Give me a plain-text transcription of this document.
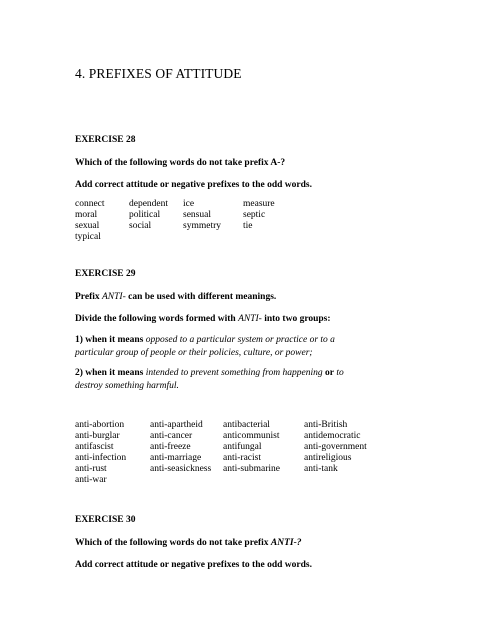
4. PREFIXES OF ATTITUDE
EXERCISE 28
Which of the following words do not take prefix A-?
Add correct attitude or negative prefixes to the odd words.
connect	dependent	ice	measure
moral	political	sensual	septic
sexual	social	symmetry	tie
typical
EXERCISE 29
Prefix ANTI- can be used with different meanings.
Divide the following words formed with ANTI- into two groups:
1) when it means opposed to a particular system or practice or to a particular group of people or their policies, culture, or power;
2) when it means intended to prevent something from happening or to destroy something harmful.
anti-abortion	anti-apartheid	antibacterial	anti-British
anti-burglar	anti-cancer	anticommunist	antidemocratic
antifascist	anti-freeze	antifungal	anti-government
anti-infection	anti-marriage	anti-racist	antireligious
anti-rust	anti-seasickness	anti-submarine	anti-tank
anti-war
EXERCISE 30
Which of the following words do not take prefix ANTI-?
Add correct attitude or negative prefixes to the odd words.
